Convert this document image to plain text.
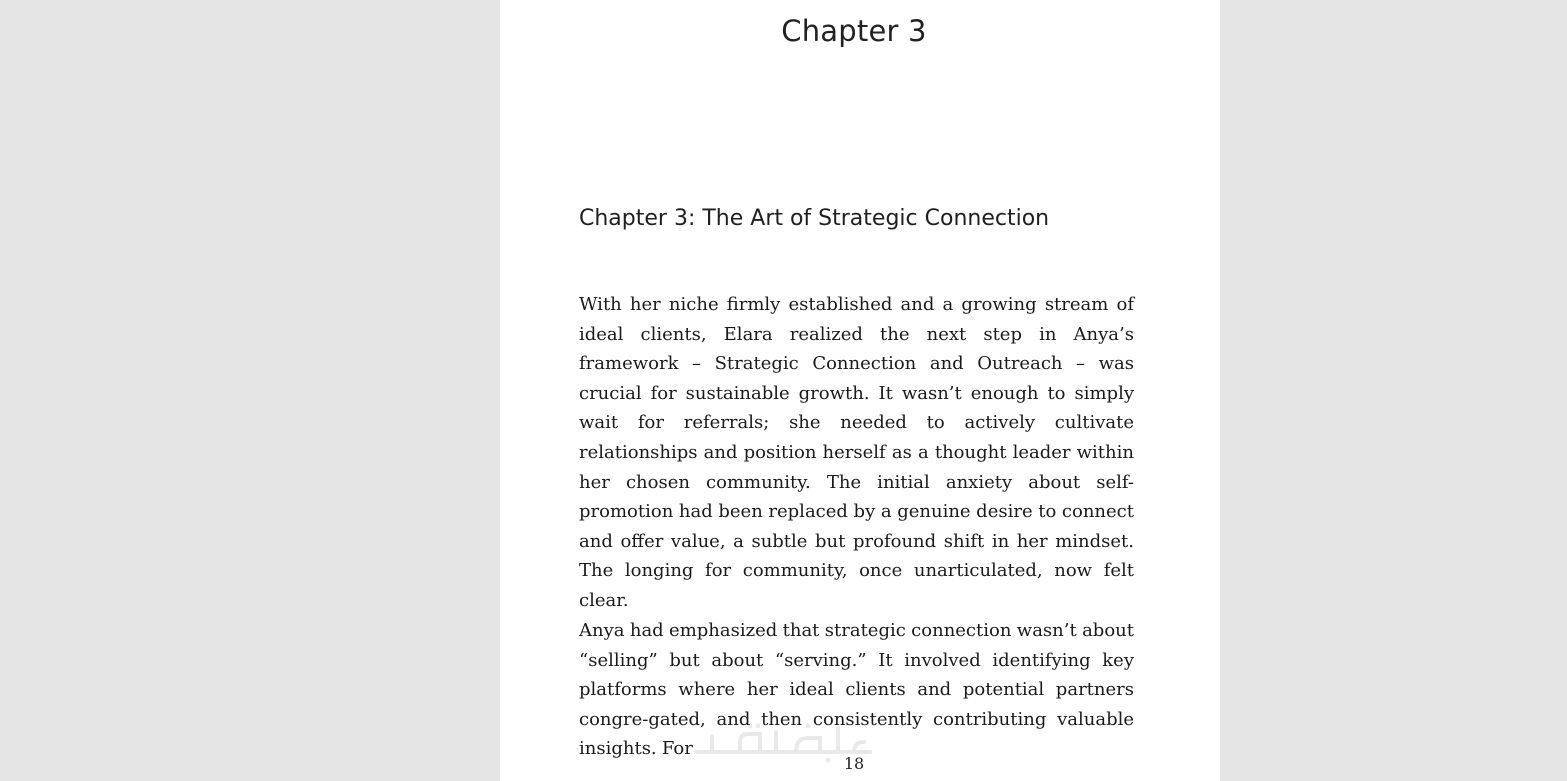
Chapter 3
Chapter 3: The Art of Strategic Connection

With her niche firmly established and a growing stream of ideal clients, Elara realized the next step in Anya’s framework – Strategic Connection and Outreach – was crucial for sustainable growth. It wasn’t enough to simply wait for referrals; she needed to actively cultivate relationships and position herself as a thought leader within her chosen community. The initial anxiety about self-promotion had been replaced by a genuine desire to connect and offer value, a subtle but profound shift in her mindset. The longing for community, once unarticulated, now felt clear.

Anya had emphasized that strategic connection wasn’t about “selling” but about “serving.” It involved identifying key platforms where her ideal clients and potential partners congre-gated, and then consistently contributing valuable insights. For

18
